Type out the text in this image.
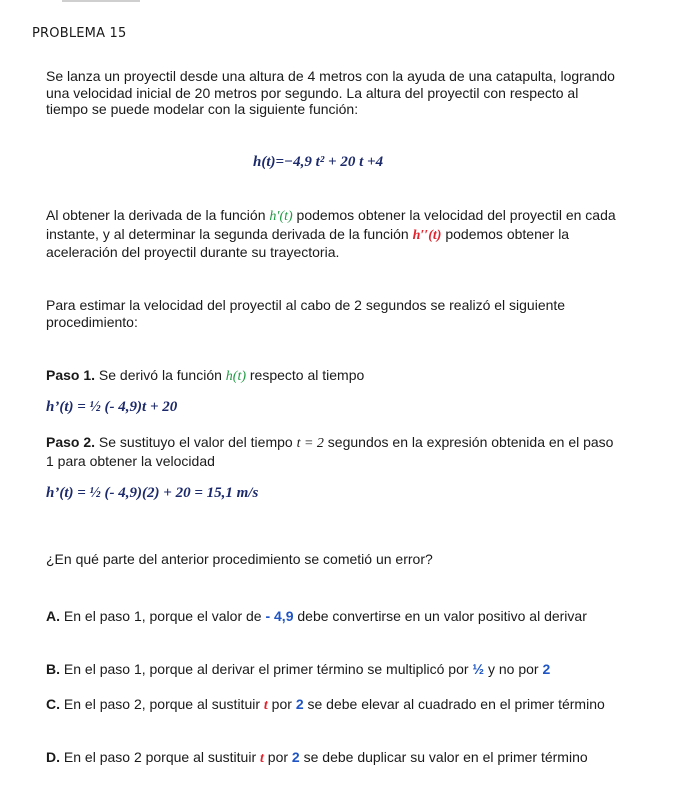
PROBLEMA 15
Se lanza un proyectil desde una altura de 4 metros con la ayuda de una catapulta, logrando una velocidad inicial de 20 metros por segundo. La altura del proyectil con respecto al tiempo se puede modelar con la siguiente función:
h(t)=−4,9 t² + 20 t +4
Al obtener la derivada de la función h′(t) podemos obtener la velocidad del proyectil en cada instante, y al determinar la segunda derivada de la función h′′(t) podemos obtener la aceleración del proyectil durante su trayectoria.
Para estimar la velocidad del proyectil al cabo de 2 segundos se realizó el siguiente procedimiento:
Paso 1. Se derivó la función h(t) respecto al tiempo
h’(t) = ½ (- 4,9)t + 20
Paso 2. Se sustituyo el valor del tiempo t = 2 segundos en la expresión obtenida en el paso 1 para obtener la velocidad
h’(t) = ½ (- 4,9)(2) + 20 = 15,1 m/s
¿En qué parte del anterior procedimiento se cometió un error?
A. En el paso 1, porque el valor de - 4,9 debe convertirse en un valor positivo al derivar
B. En el paso 1, porque al derivar el primer término se multiplicó por ½ y no por 2
C. En el paso 2, porque al sustituir t por 2 se debe elevar al cuadrado en el primer término
D. En el paso 2 porque al sustituir t por 2 se debe duplicar su valor en el primer término
